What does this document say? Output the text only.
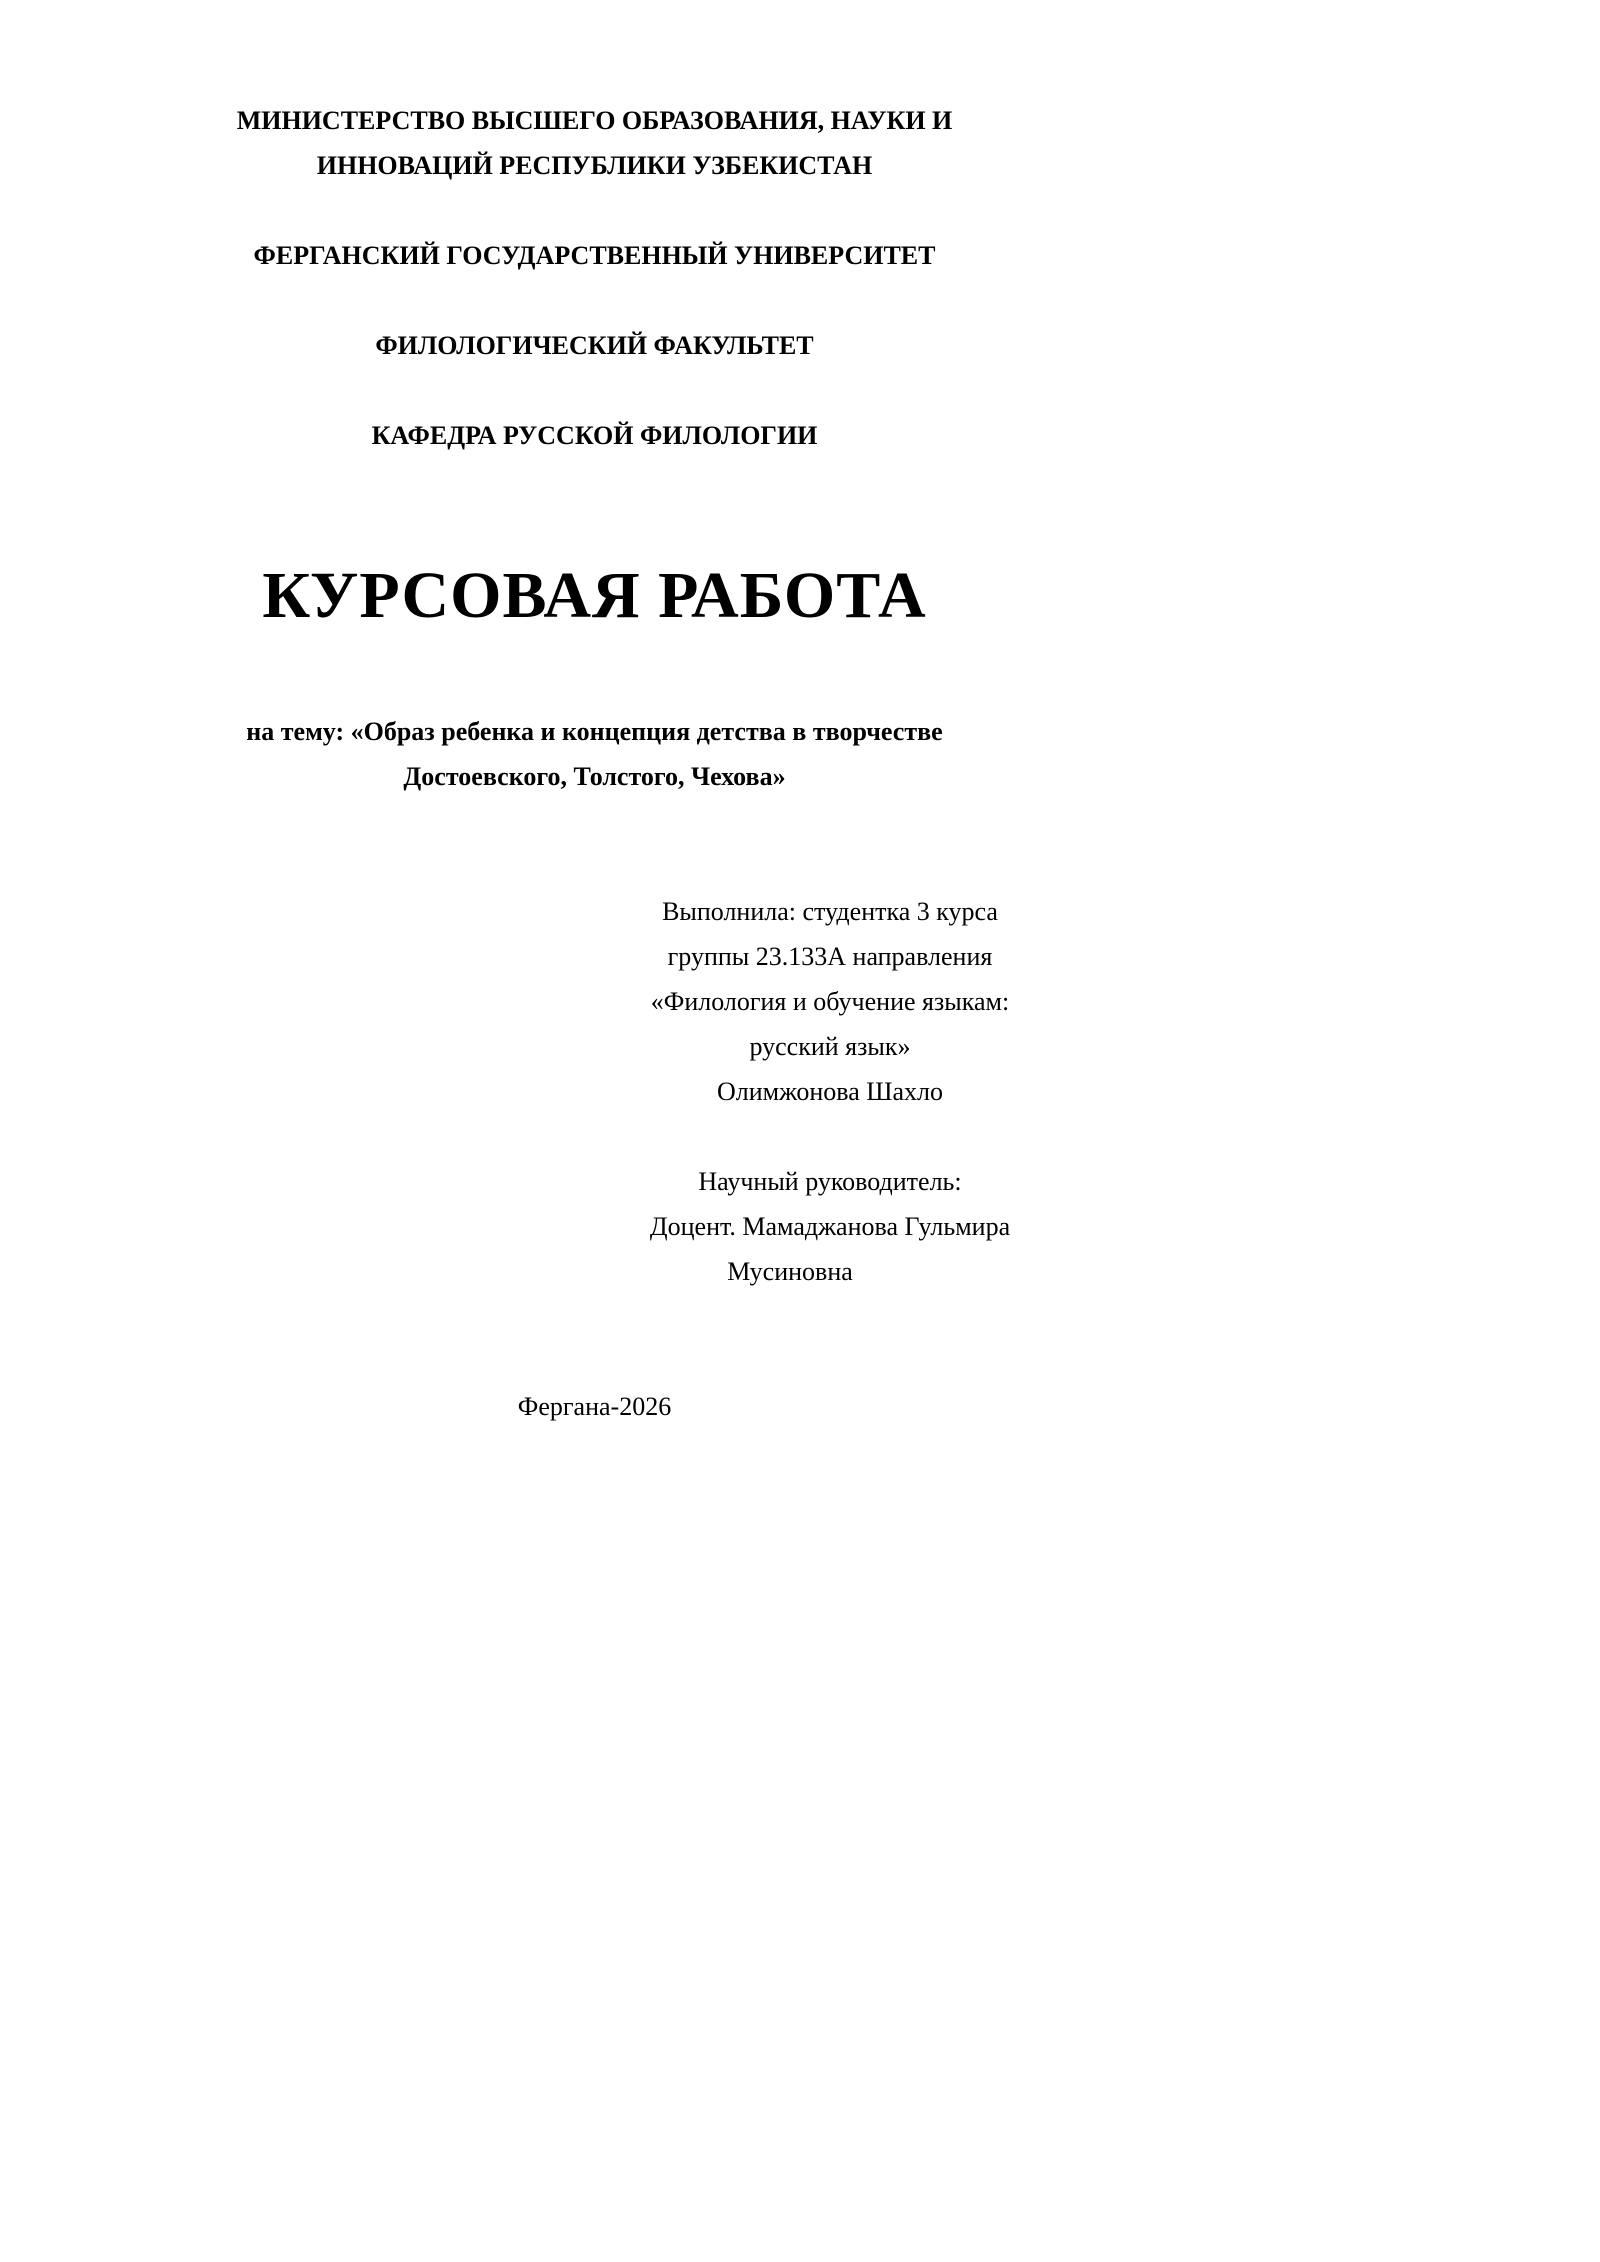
МИНИСТЕРСТВО ВЫСШЕГО ОБРАЗОВАНИЯ, НАУКИ И
ИННОВАЦИЙ РЕСПУБЛИКИ УЗБЕКИСТАН
ФЕРГАНСКИЙ ГОСУДАРСТВЕННЫЙ УНИВЕРСИТЕТ
ФИЛОЛОГИЧЕСКИЙ ФАКУЛЬТЕТ
КАФЕДРА РУССКОЙ ФИЛОЛОГИИ
КУРСОВАЯ РАБОТА
на тему: «Образ ребенка и концепция детства в творчестве
Достоевского, Толстого, Чехова»
Выполнила: студентка 3 курса
группы 23.133А направления
«Филология и обучение языкам:
русский язык»
Олимжонова Шахло
Научный руководитель:
Доцент. Мамаджанова Гульмира
Мусиновна
Фергана-2026
